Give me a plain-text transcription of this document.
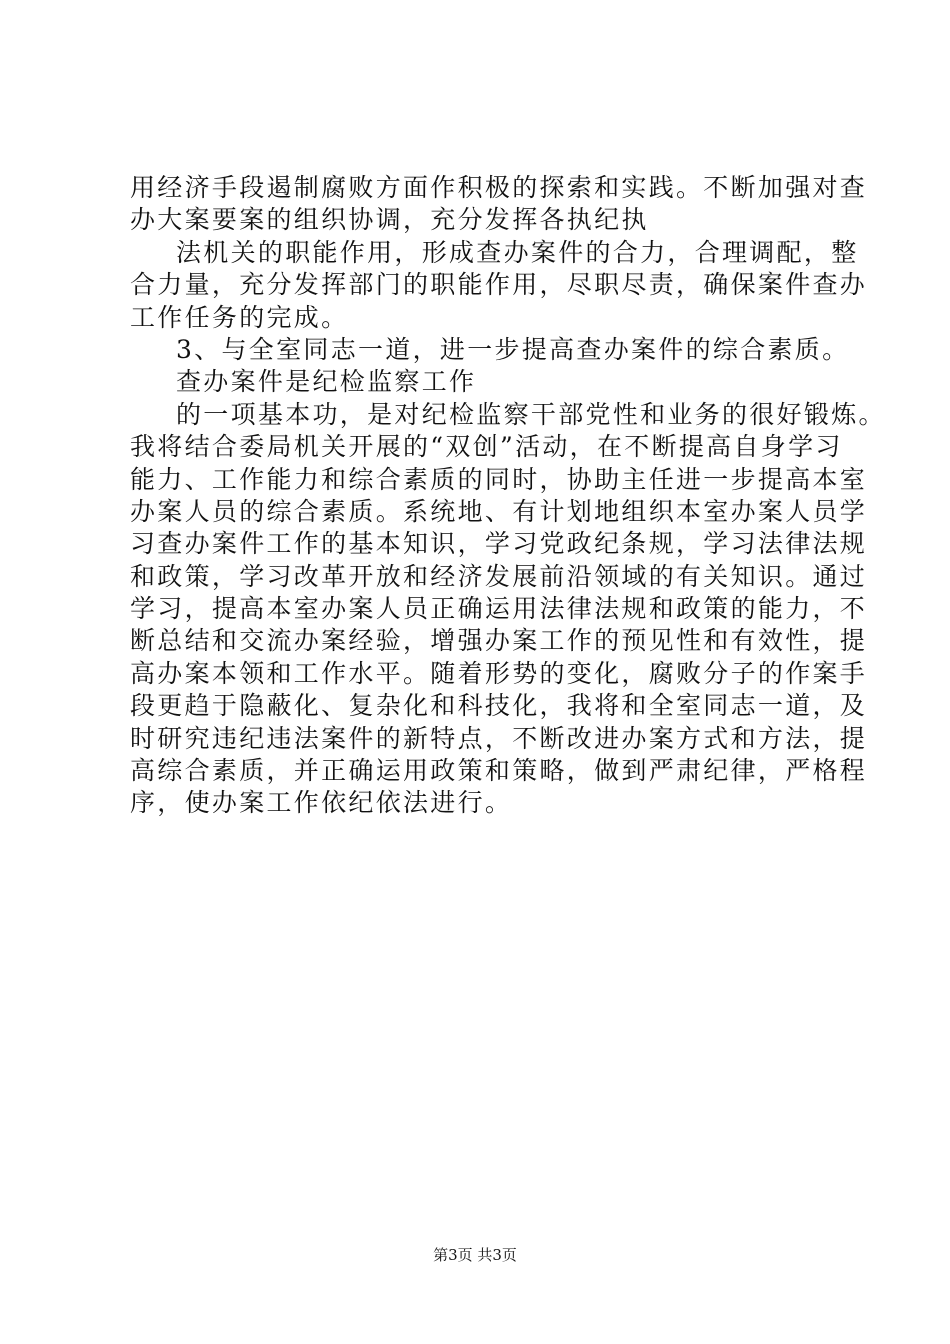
用经济手段遏制腐败方面作积极的探索和实践。不断加强对查

办大案要案的组织协调，充分发挥各执纪执

法机关的职能作用，形成查办案件的合力，合理调配，整

合力量，充分发挥部门的职能作用，尽职尽责，确保案件查办

工作任务的完成。

3、与全室同志一道，进一步提高查办案件的综合素质。

查办案件是纪检监察工作

的一项基本功，是对纪检监察干部党性和业务的很好锻炼。

我将结合委局机关开展的“双创”活动，在不断提高自身学习

能力、工作能力和综合素质的同时，协助主任进一步提高本室

办案人员的综合素质。系统地、有计划地组织本室办案人员学

习查办案件工作的基本知识，学习党政纪条规，学习法律法规

和政策，学习改革开放和经济发展前沿领域的有关知识。通过

学习，提高本室办案人员正确运用法律法规和政策的能力，不

断总结和交流办案经验，增强办案工作的预见性和有效性，提

高办案本领和工作水平。随着形势的变化，腐败分子的作案手

段更趋于隐蔽化、复杂化和科技化，我将和全室同志一道，及

时研究违纪违法案件的新特点，不断改进办案方式和方法，提

高综合素质，并正确运用政策和策略，做到严肃纪律，严格程

序，使办案工作依纪依法进行。

第3页 共3页
